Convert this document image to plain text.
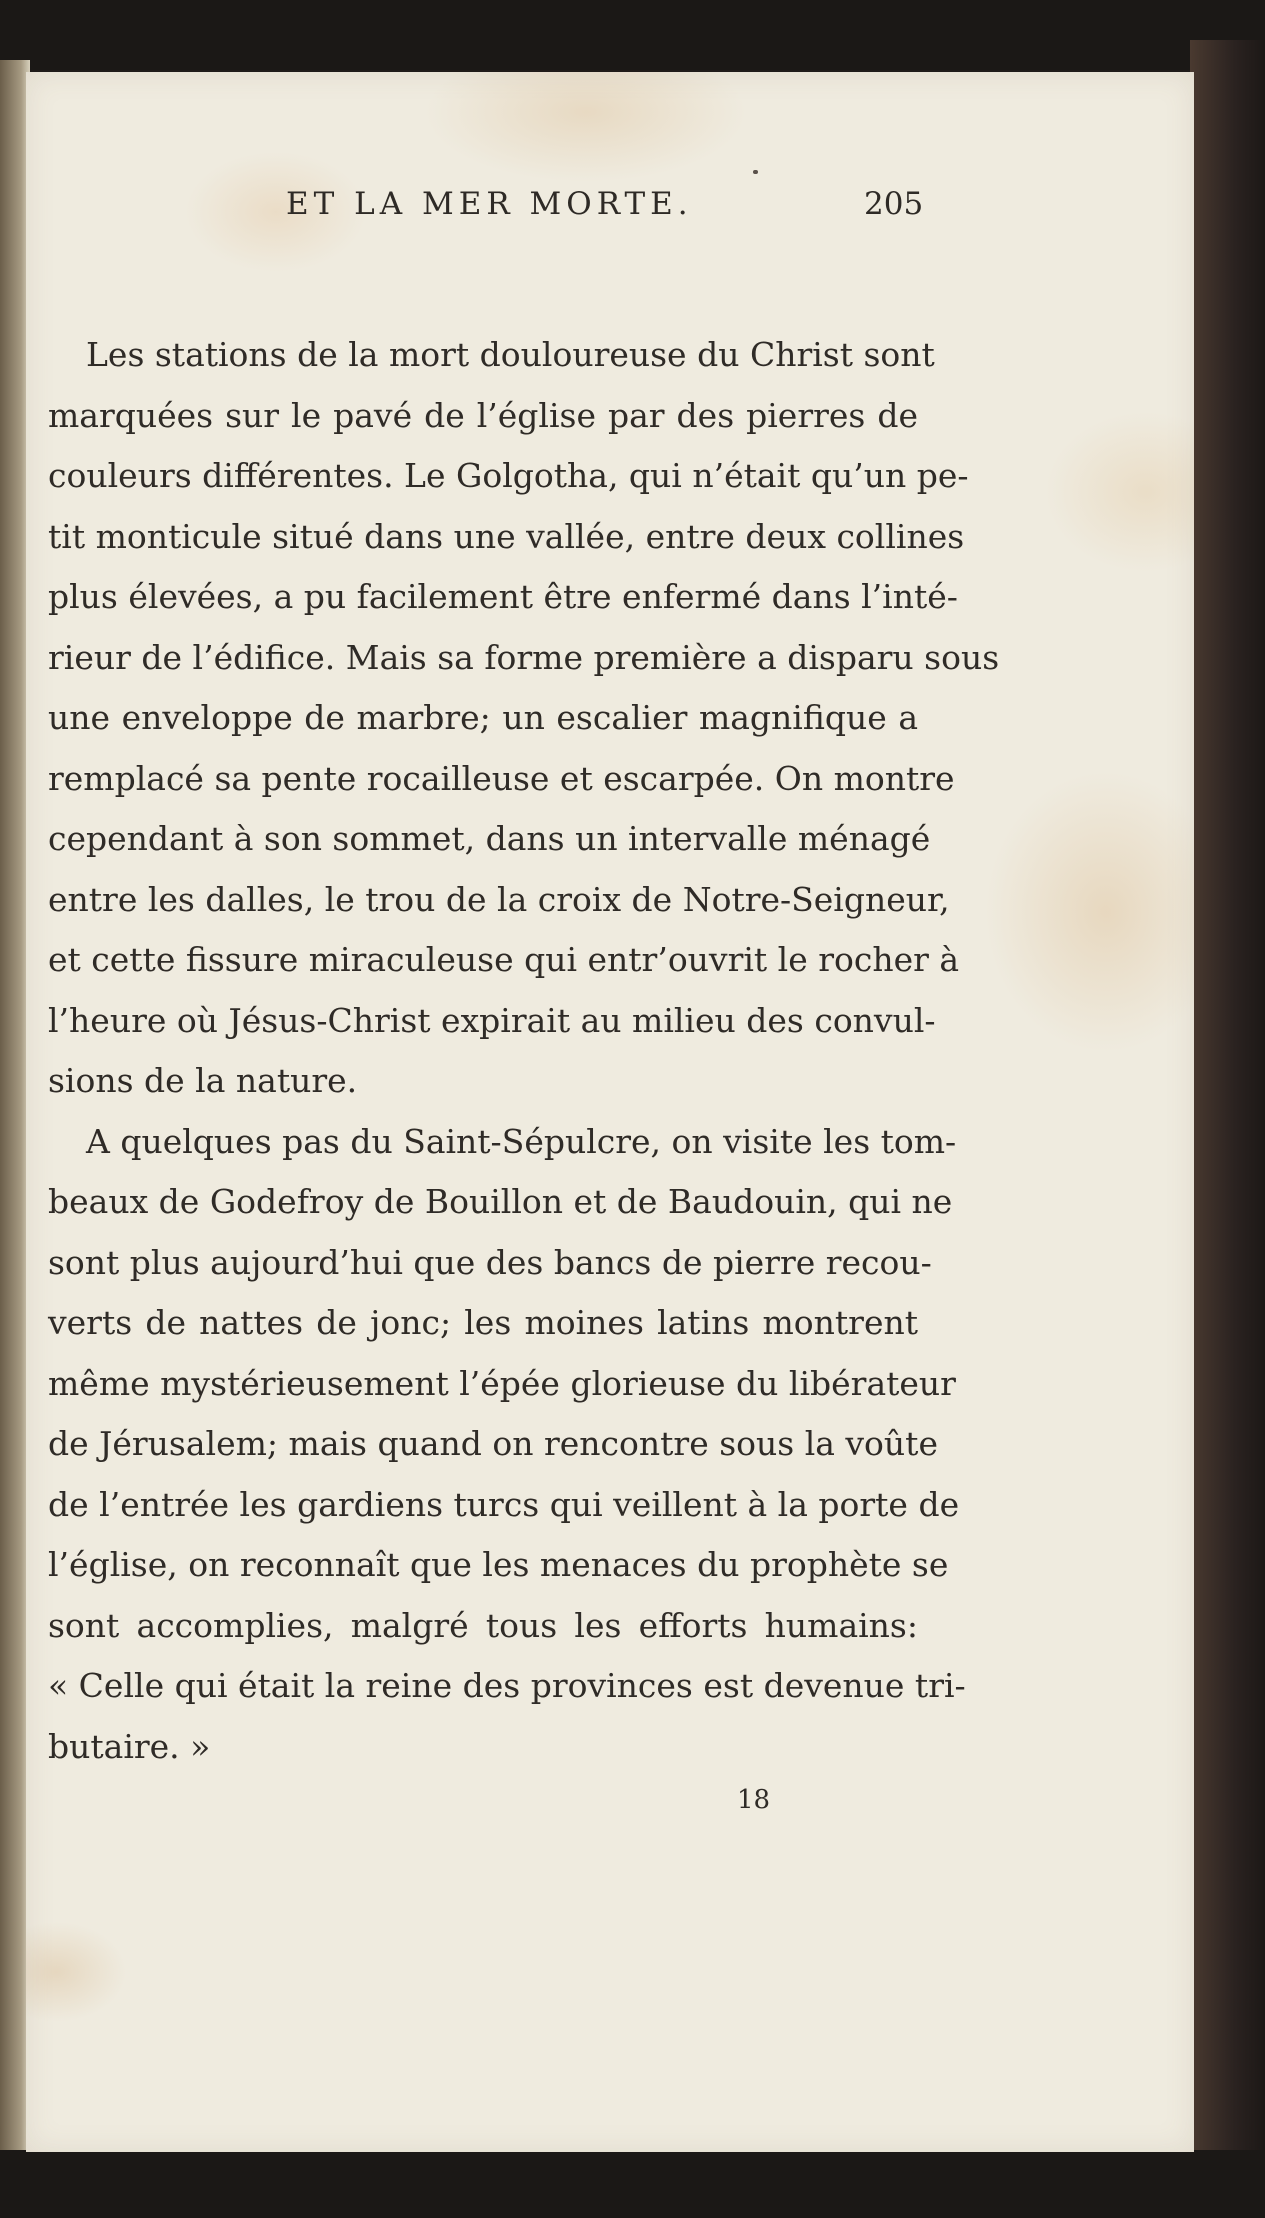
ET LA MER MORTE.	205
Les stations de la mort douloureuse du Christ sont
marquées sur le pavé de l’église par des pierres de
couleurs différentes. Le Golgotha, qui n’était qu’un pe-
tit monticule situé dans une vallée, entre deux collines
plus élevées, a pu facilement être enfermé dans l’inté-
rieur de l’édifice. Mais sa forme première a disparu sous
une enveloppe de marbre; un escalier magnifique a
remplacé sa pente rocailleuse et escarpée. On montre
cependant à son sommet, dans un intervalle ménagé
entre les dalles, le trou de la croix de Notre-Seigneur,
et cette fissure miraculeuse qui entr’ouvrit le rocher à
l’heure où Jésus-Christ expirait au milieu des convul-
sions de la nature.
A quelques pas du Saint-Sépulcre, on visite les tom-
beaux de Godefroy de Bouillon et de Baudouin, qui ne
sont plus aujourd’hui que des bancs de pierre recou-
verts de nattes de jonc; les moines latins montrent
même mystérieusement l’épée glorieuse du libérateur
de Jérusalem; mais quand on rencontre sous la voûte
de l’entrée les gardiens turcs qui veillent à la porte de
l’église, on reconnaît que les menaces du prophète se
sont accomplies, malgré tous les efforts humains:
« Celle qui était la reine des provinces est devenue tri-
butaire. »
18
